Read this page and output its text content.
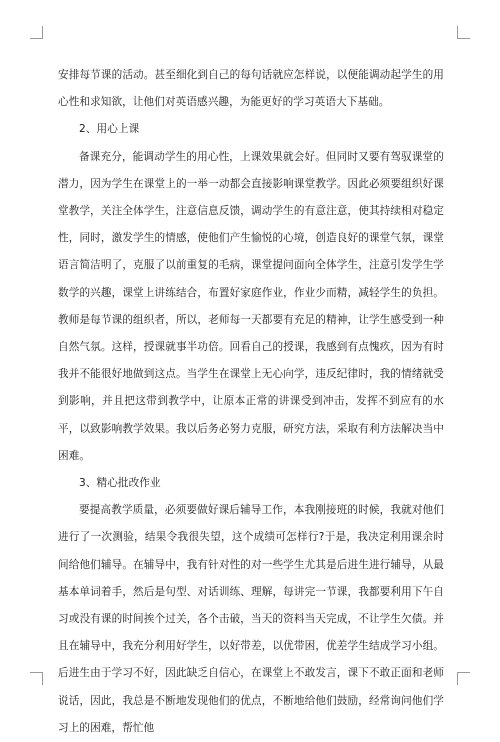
安排每节课的活动。甚至细化到自己的每句话就应怎样说，以便能调动起学生的用心性和求知欲，让他们对英语感兴趣，为能更好的学习英语大下基础。

2、用心上课

备课充分，能调动学生的用心性，上课效果就会好。但同时又要有驾驭课堂的潜力，因为学生在课堂上的一举一动都会直接影响课堂教学。因此必须要组织好课堂教学，关注全体学生，注意信息反馈，调动学生的有意注意，使其持续相对稳定性，同时，激发学生的情感，使他们产生愉悦的心境，创造良好的课堂气氛，课堂语言简洁明了，克服了以前重复的毛病，课堂提问面向全体学生，注意引发学生学数学的兴趣，课堂上讲练结合，布置好家庭作业，作业少而精，减轻学生的负担。教师是每节课的组织者，所以，老师每一天都要有充足的精神，让学生感受到一种自然气氛。这样，授课就事半功倍。回看自己的授课，我感到有点愧疚，因为有时我并不能很好地做到这点。当学生在课堂上无心向学，违反纪律时，我的情绪就受到影响，并且把这带到教学中，让原本正常的讲课受到冲击，发挥不到应有的水平，以致影响教学效果。我以后务必努力克服，研究方法，采取有利方法解决当中困难。

3、精心批改作业

要提高教学质量，必须要做好课后辅导工作，本我刚接班的时候，我就对他们进行了一次测验，结果令我很失望，这个成绩可怎样行?于是，我决定利用课余时间给他们辅导。在辅导中，我有针对性的对一些学生尤其是后进生进行辅导，从最基本单词着手，然后是句型、对话训练、理解，每讲完一节课，我都要利用下午自习或没有课的时间挨个过关，各个击破，当天的资料当天完成，不让学生欠债。并且在辅导中，我充分利用好学生，以好带差，以优带困，优差学生结成学习小组。后进生由于学习不好，因此缺乏自信心，在课堂上不敢发言，课下不敢正面和老师说话，因此，我总是不断地发现他们的优点，不断地给他们鼓励，经常询问他们学习上的困难，帮忙他
